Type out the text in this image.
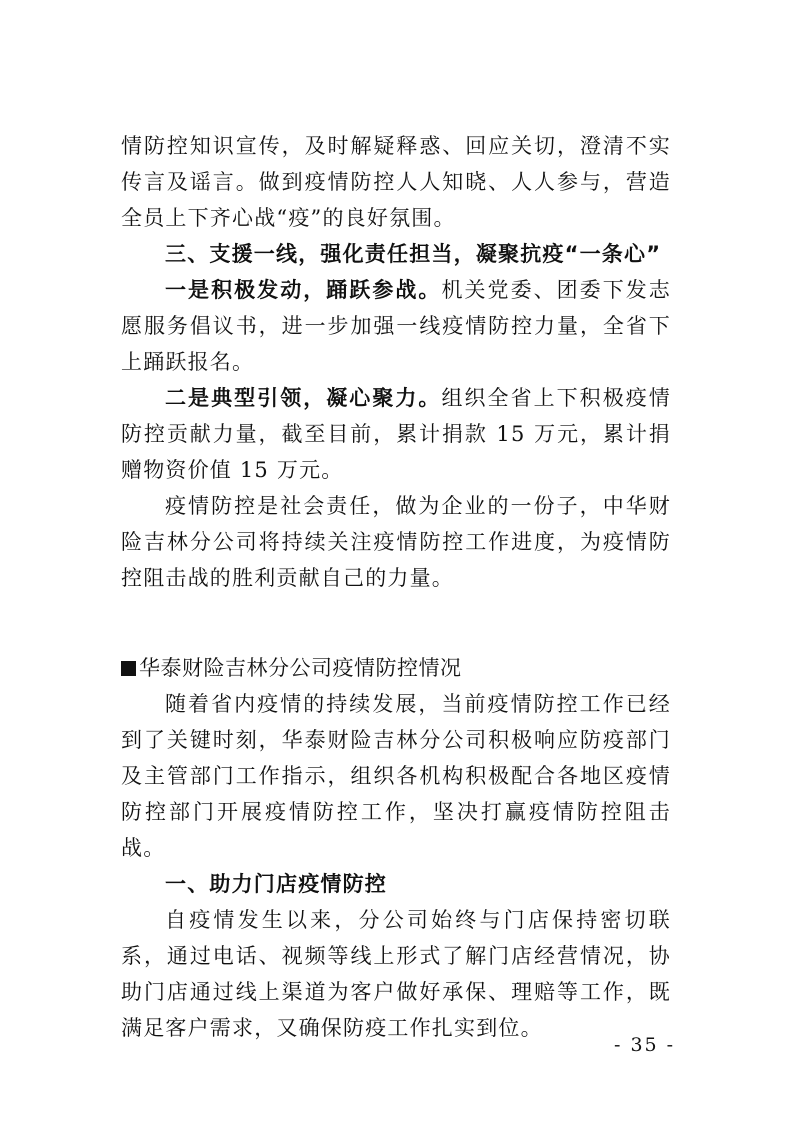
情防控知识宣传，及时解疑释惑、回应关切，澄清不实传言及谣言。做到疫情防控人人知晓、人人参与，营造全员上下齐心战“疫”的良好氛围。

三、支援一线，强化责任担当，凝聚抗疫“一条心”

一是积极发动，踊跃参战。机关党委、团委下发志愿服务倡议书，进一步加强一线疫情防控力量，全省下上踊跃报名。

二是典型引领，凝心聚力。组织全省上下积极疫情防控贡献力量，截至目前，累计捐款 15 万元，累计捐赠物资价值 15 万元。

疫情防控是社会责任，做为企业的一份子，中华财险吉林分公司将持续关注疫情防控工作进度，为疫情防控阻击战的胜利贡献自己的力量。

华泰财险吉林分公司疫情防控情况

随着省内疫情的持续发展，当前疫情防控工作已经到了关键时刻，华泰财险吉林分公司积极响应防疫部门及主管部门工作指示，组织各机构积极配合各地区疫情防控部门开展疫情防控工作，坚决打赢疫情防控阻击战。

一、助力门店疫情防控

自疫情发生以来，分公司始终与门店保持密切联系，通过电话、视频等线上形式了解门店经营情况，协助门店通过线上渠道为客户做好承保、理赔等工作，既满足客户需求，又确保防疫工作扎实到位。

- 35 -
